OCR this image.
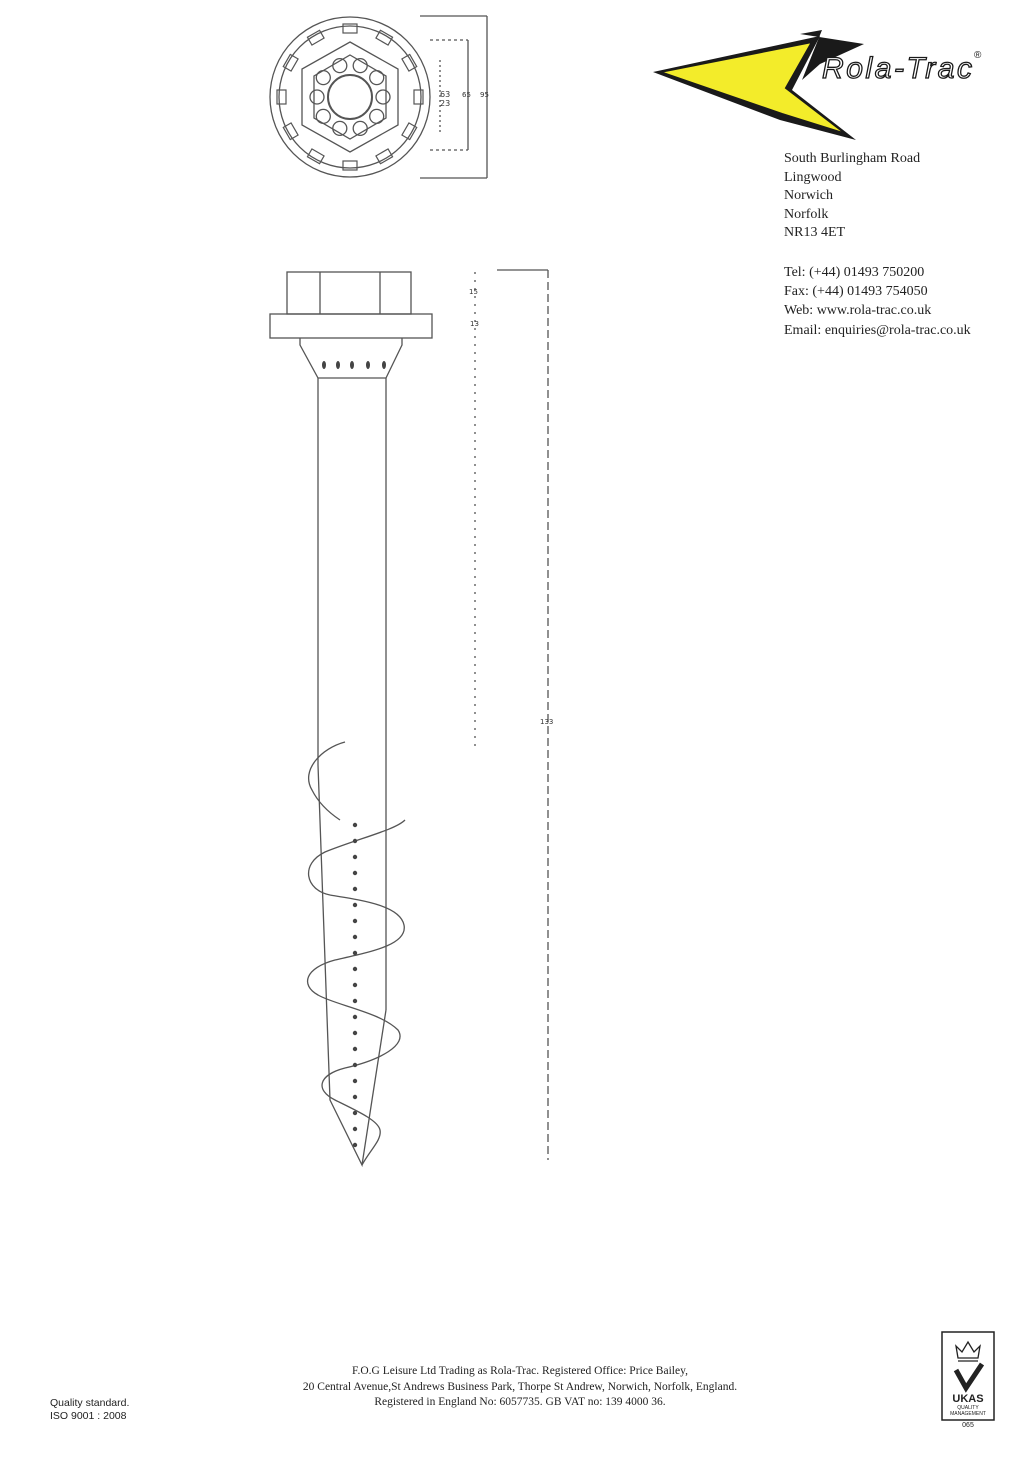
63
23
65 95
15
13
133
Rola-Trac ®
South Burlingham Road
Lingwood
Norwich
Norfolk
NR13 4ET
Tel: (+44) 01493 750200
Fax: (+44) 01493 754050
Web: www.rola-trac.co.uk
Email: enquiries@rola-trac.co.uk
F.O.G Leisure Ltd Trading as Rola-Trac. Registered Office: Price Bailey,
20 Central Avenue,St Andrews Business Park, Thorpe St Andrew, Norwich, Norfolk, England.
Registered in England No: 6057735. GB VAT no: 139 4000 36.
Quality standard.
ISO 9001 : 2008
UKAS
QUALITY
MANAGEMENT
065
